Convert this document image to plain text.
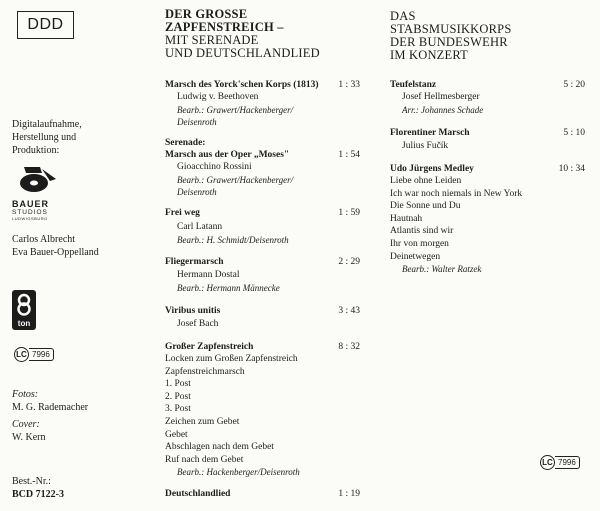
DDD
Digitalaufnahme,
Herstellung und
Produktion:
BAUER
STUDIOS
LUDWIGSBURG
Carlos Albrecht
Eva Bauer-Oppelland
ton
LC 7996
Fotos:
M. G. Rademacher
Cover:
W. Kern
Best.-Nr.:
BCD 7122-3
DER GROSSE
ZAPFENSTREICH –
MIT SERENADE
UND DEUTSCHLANDLIED
Marsch des Yorck'schen Korps (1813)	1 : 33
Ludwig v. Beethoven
Bearb.: Grawert/Hackenberger/
Deisenroth
Serenade:
Marsch aus der Oper „Moses"	1 : 54
Gioacchino Rossini
Bearb.: Grawert/Hackenberger/
Deisenroth
Frei weg	1 : 59
Carl Latann
Bearb.: H. Schmidt/Deisenroth
Fliegermarsch	2 : 29
Hermann Dostal
Bearb.: Hermann Männecke
Viribus unitis	3 : 43
Josef Bach
Großer Zapfenstreich	8 : 32
Locken zum Großen Zapfenstreich
Zapfenstreichmarsch
1. Post
2. Post
3. Post
Zeichen zum Gebet
Gebet
Abschlagen nach dem Gebet
Ruf nach dem Gebet
Bearb.: Hackenberger/Deisenroth
Deutschlandlied	1 : 19
DAS
STABSMUSIKKORPS
DER BUNDESWEHR
IM KONZERT
Teufelstanz	5 : 20
Josef Hellmesberger
Arr.: Johannes Schade
Florentiner Marsch	5 : 10
Julius Fučík
Udo Jürgens Medley	10 : 34
Liebe ohne Leiden
Ich war noch niemals in New York
Die Sonne und Du
Hautnah
Atlantis sind wir
Ihr von morgen
Deinetwegen
Bearb.: Walter Ratzek
LC 7996
